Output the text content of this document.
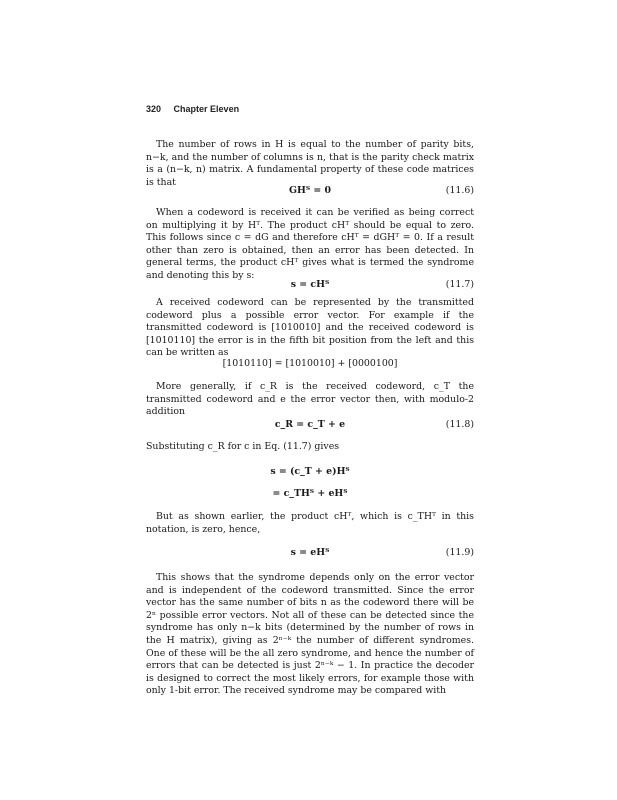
320 Chapter Eleven

The number of rows in H is equal to the number of parity bits, n−k, and the number of columns is n, that is the parity check matrix is a (n−k, n) matrix. A fundamental property of these code matrices is that

GHᵀ = 0	(11.6)

When a codeword is received it can be verified as being correct on multiplying it by Hᵀ. The product cHᵀ should be equal to zero. This follows since c = dG and therefore cHᵀ = dGHᵀ = 0. If a result other than zero is obtained, then an error has been detected. In general terms, the product cHᵀ gives what is termed the syndrome and denoting this by s:

s = cHᵀ	(11.7)

A received codeword can be represented by the transmitted codeword plus a possible error vector. For example if the transmitted codeword is [1010010] and the received codeword is [1010110] the error is in the fifth bit position from the left and this can be written as

[1010110] = [1010010] + [0000100]

More generally, if c_R is the received codeword, c_T the transmitted codeword and e the error vector then, with modulo-2 addition

c_R = c_T + e	(11.8)

Substituting c_R for c in Eq. (11.7) gives

s = (c_T + e)Hᵀ
= c_THᵀ + eHᵀ

But as shown earlier, the product cHᵀ, which is c_THᵀ in this notation, is zero, hence,

s = eHᵀ	(11.9)

This shows that the syndrome depends only on the error vector and is independent of the codeword transmitted. Since the error vector has the same number of bits n as the codeword there will be 2ⁿ possible error vectors. Not all of these can be detected since the syndrome has only n−k bits (determined by the number of rows in the H matrix), giving as 2ⁿ⁻ᵏ the number of different syndromes. One of these will be the all zero syndrome, and hence the number of errors that can be detected is just 2ⁿ⁻ᵏ − 1. In practice the decoder is designed to correct the most likely errors, for example those with only 1-bit error. The received syndrome may be compared with
